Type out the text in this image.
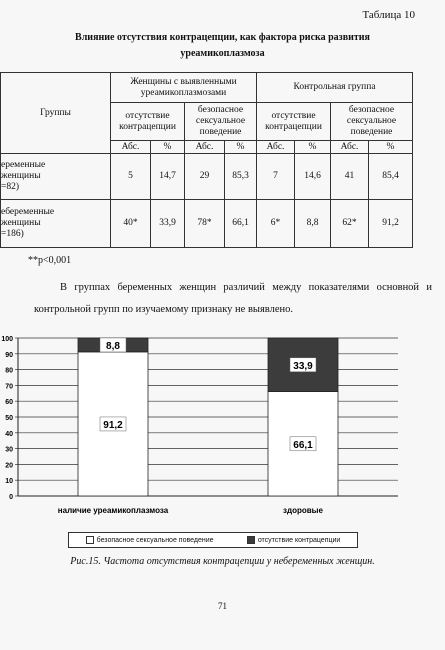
Таблица 10
Влияние отсутствия контрацепции, как фактора риска развития
уреамикоплазмоза
Группы	Женщины с выявленными уреамикоплазмозами				Контрольная группа			
	отсутствие контрацепции		безопасное сексуальное поведение		отсутствие контрацепции		безопасное сексуальное поведение	
	Абс.	%	Абс.	%	Абс.	%	Абс.	%
еременные
женщины
=82)	5	14,7	29	85,3	7	14,6	41	85,4
ебеременные
женщины
=186)	40*	33,9	78*	66,1	6*	8,8	62*	91,2
**p<0,001
В группах беременных женщин различий между показателями основной и контрольной групп по изучаемому признаку не выявлено.
0
10
20
30
40
50
60
70
80
90
100
91,2
8,8
наличие уреамикоплазмоза
66,1
33,9
здоровые
безопасное сексуальное поведение	отсутствие контрацепции
Рис.15. Частота отсутствия контрацепции у небеременных женщин.
71
